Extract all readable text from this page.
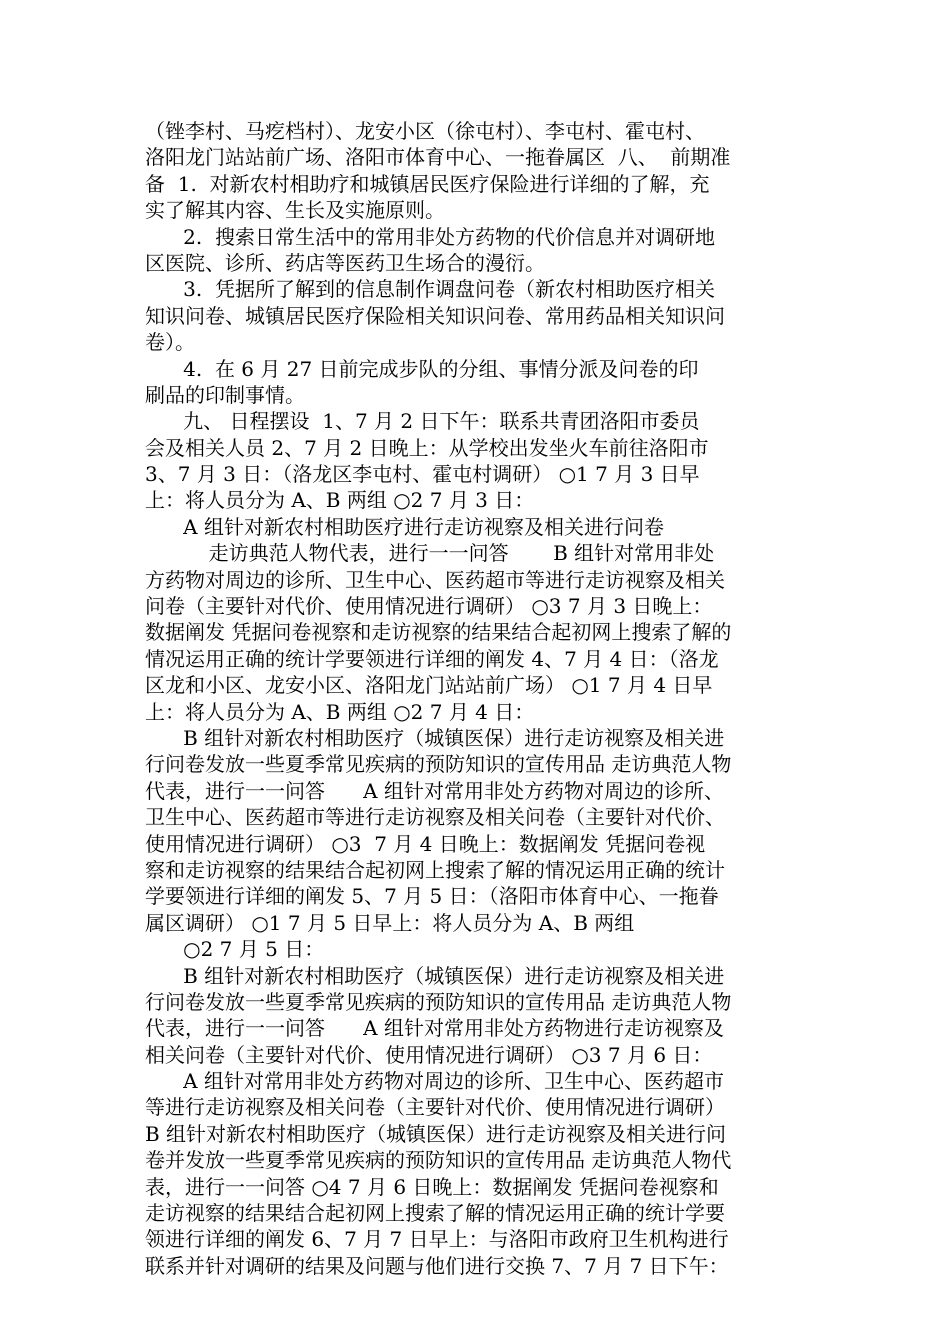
（锉李村、马疙档村）、龙安小区（徐屯村）、李屯村、霍屯村、
洛阳龙门站站前广场、洛阳市体育中心、一拖眷属区  八、  前期准
备  1.  对新农村相助疗和城镇居民医疗保险进行详细的了解，充
实了解其内容、生长及实施原则。
2.  搜索日常生活中的常用非处方药物的代价信息并对调研地
区医院、诊所、药店等医药卫生场合的漫衍。
3.  凭据所了解到的信息制作调盘问卷（新农村相助医疗相关
知识问卷、城镇居民医疗保险相关知识问卷、常用药品相关知识问
卷）。
4.  在 6 月 27 日前完成步队的分组、事情分派及问卷的印
刷品的印制事情。
九、 日程摆设  1、7 月 2 日下午：联系共青团洛阳市委员
会及相关人员 2、7 月 2 日晚上：从学校出发坐火车前往洛阳市
3、7 月 3 日：（洛龙区李屯村、霍屯村调研） ○1 7 月 3 日早
上：将人员分为 A、B 两组 ○2 7 月 3 日：
A 组针对新农村相助医疗进行走访视察及相关进行问卷
走访典范人物代表，进行一一问答       B 组针对常用非处
方药物对周边的诊所、卫生中心、医药超市等进行走访视察及相关
问卷（主要针对代价、使用情况进行调研） ○3 7 月 3 日晚上：
数据阐发 凭据问卷视察和走访视察的结果结合起初网上搜索了解的
情况运用正确的统计学要领进行详细的阐发 4、7 月 4 日：（洛龙
区龙和小区、龙安小区、洛阳龙门站站前广场） ○1 7 月 4 日早
上：将人员分为 A、B 两组 ○2 7 月 4 日：
B 组针对新农村相助医疗（城镇医保）进行走访视察及相关进
行问卷发放一些夏季常见疾病的预防知识的宣传用品 走访典范人物
代表，进行一一问答      A 组针对常用非处方药物对周边的诊所、
卫生中心、医药超市等进行走访视察及相关问卷（主要针对代价、
使用情况进行调研） ○3  7 月 4 日晚上：数据阐发 凭据问卷视
察和走访视察的结果结合起初网上搜索了解的情况运用正确的统计
学要领进行详细的阐发 5、7 月 5 日：（洛阳市体育中心、一拖眷
属区调研） ○1 7 月 5 日早上：将人员分为 A、B 两组
○2 7 月 5 日：
B 组针对新农村相助医疗（城镇医保）进行走访视察及相关进
行问卷发放一些夏季常见疾病的预防知识的宣传用品 走访典范人物
代表，进行一一问答      A 组针对常用非处方药物进行走访视察及
相关问卷（主要针对代价、使用情况进行调研） ○3 7 月 6 日：
A 组针对常用非处方药物对周边的诊所、卫生中心、医药超市
等进行走访视察及相关问卷（主要针对代价、使用情况进行调研）
B 组针对新农村相助医疗（城镇医保）进行走访视察及相关进行问
卷并发放一些夏季常见疾病的预防知识的宣传用品 走访典范人物代
表，进行一一问答 ○4 7 月 6 日晚上：数据阐发 凭据问卷视察和
走访视察的结果结合起初网上搜索了解的情况运用正确的统计学要
领进行详细的阐发 6、7 月 7 日早上：与洛阳市政府卫生机构进行
联系并针对调研的结果及问题与他们进行交换 7、7 月 7 日下午：
